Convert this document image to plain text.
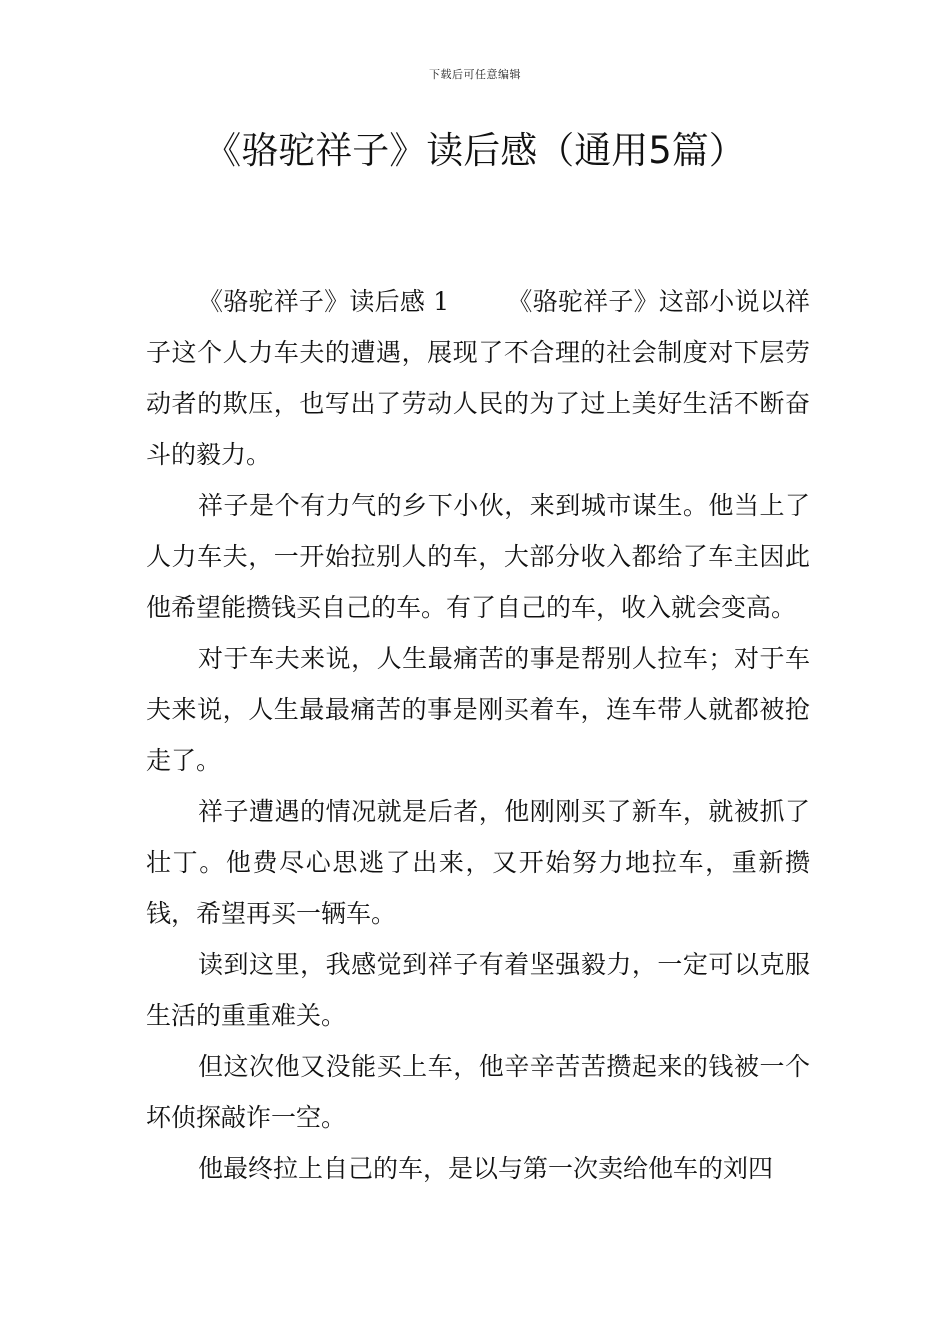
下载后可任意编辑
《骆驼祥子》读后感（通用5篇）

《骆驼祥子》读后感 1 《骆驼祥子》这部小说以祥子这个人力车夫的遭遇，展现了不合理的社会制度对下层劳动者的欺压，也写出了劳动人民的为了过上美好生活不断奋斗的毅力。

祥子是个有力气的乡下小伙，来到城市谋生。他当上了人力车夫，一开始拉别人的车，大部分收入都给了车主因此他希望能攒钱买自己的车。有了自己的车，收入就会变高。

对于车夫来说，人生最痛苦的事是帮别人拉车；对于车夫来说，人生最最痛苦的事是刚买着车，连车带人就都被抢走了。

祥子遭遇的情况就是后者，他刚刚买了新车，就被抓了壮丁。他费尽心思逃了出来，又开始努力地拉车，重新攒钱，希望再买一辆车。

读到这里，我感觉到祥子有着坚强毅力，一定可以克服生活的重重难关。

但这次他又没能买上车，他辛辛苦苦攒起来的钱被一个坏侦探敲诈一空。

他最终拉上自己的车，是以与第一次卖给他车的刘四
